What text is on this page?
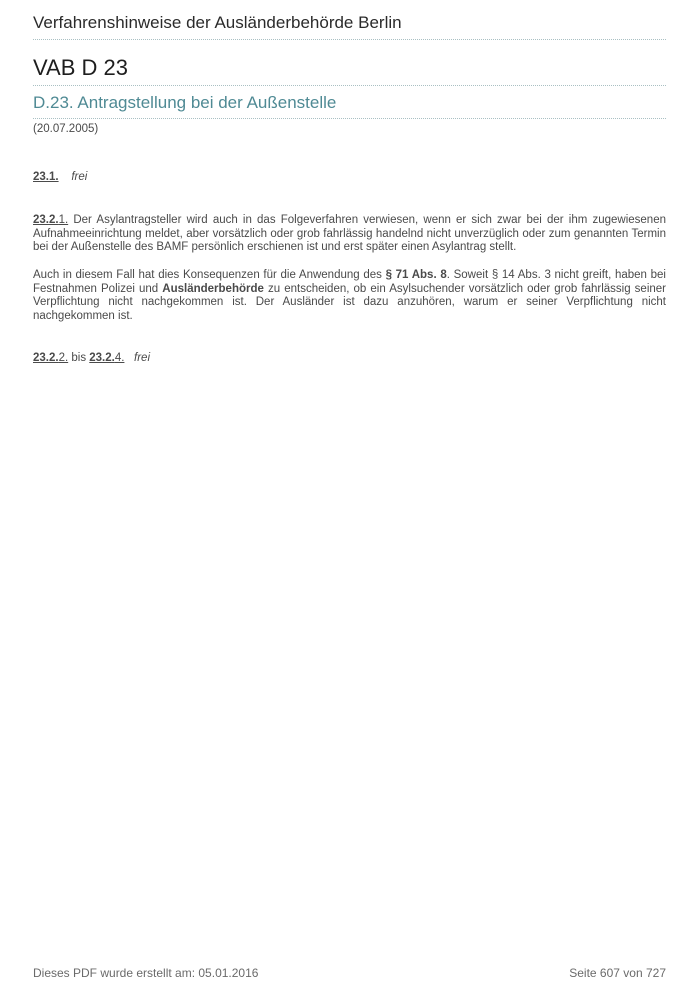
Verfahrenshinweise der Ausländerbehörde Berlin
VAB D 23
D.23. Antragstellung bei der Außenstelle
(20.07.2005)
23.1. frei
23.2.1. Der Asylantragsteller wird auch in das Folgeverfahren verwiesen, wenn er sich zwar bei der ihm zugewiesenen Aufnahmeeinrichtung meldet, aber vorsätzlich oder grob fahrlässig handelnd nicht unverzüglich oder zum genannten Termin bei der Außenstelle des BAMF persönlich erschienen ist und erst später einen Asylantrag stellt.
Auch in diesem Fall hat dies Konsequenzen für die Anwendung des § 71 Abs. 8. Soweit § 14 Abs. 3 nicht greift, haben bei Festnahmen Polizei und Ausländerbehörde zu entscheiden, ob ein Asylsuchender vorsätzlich oder grob fahrlässig seiner Verpflichtung nicht nachgekommen ist. Der Ausländer ist dazu anzuhören, warum er seiner Verpflichtung nicht nachgekommen ist.
23.2.2. bis 23.2.4. frei
Dieses PDF wurde erstellt am: 05.01.2016	Seite 607 von 727
